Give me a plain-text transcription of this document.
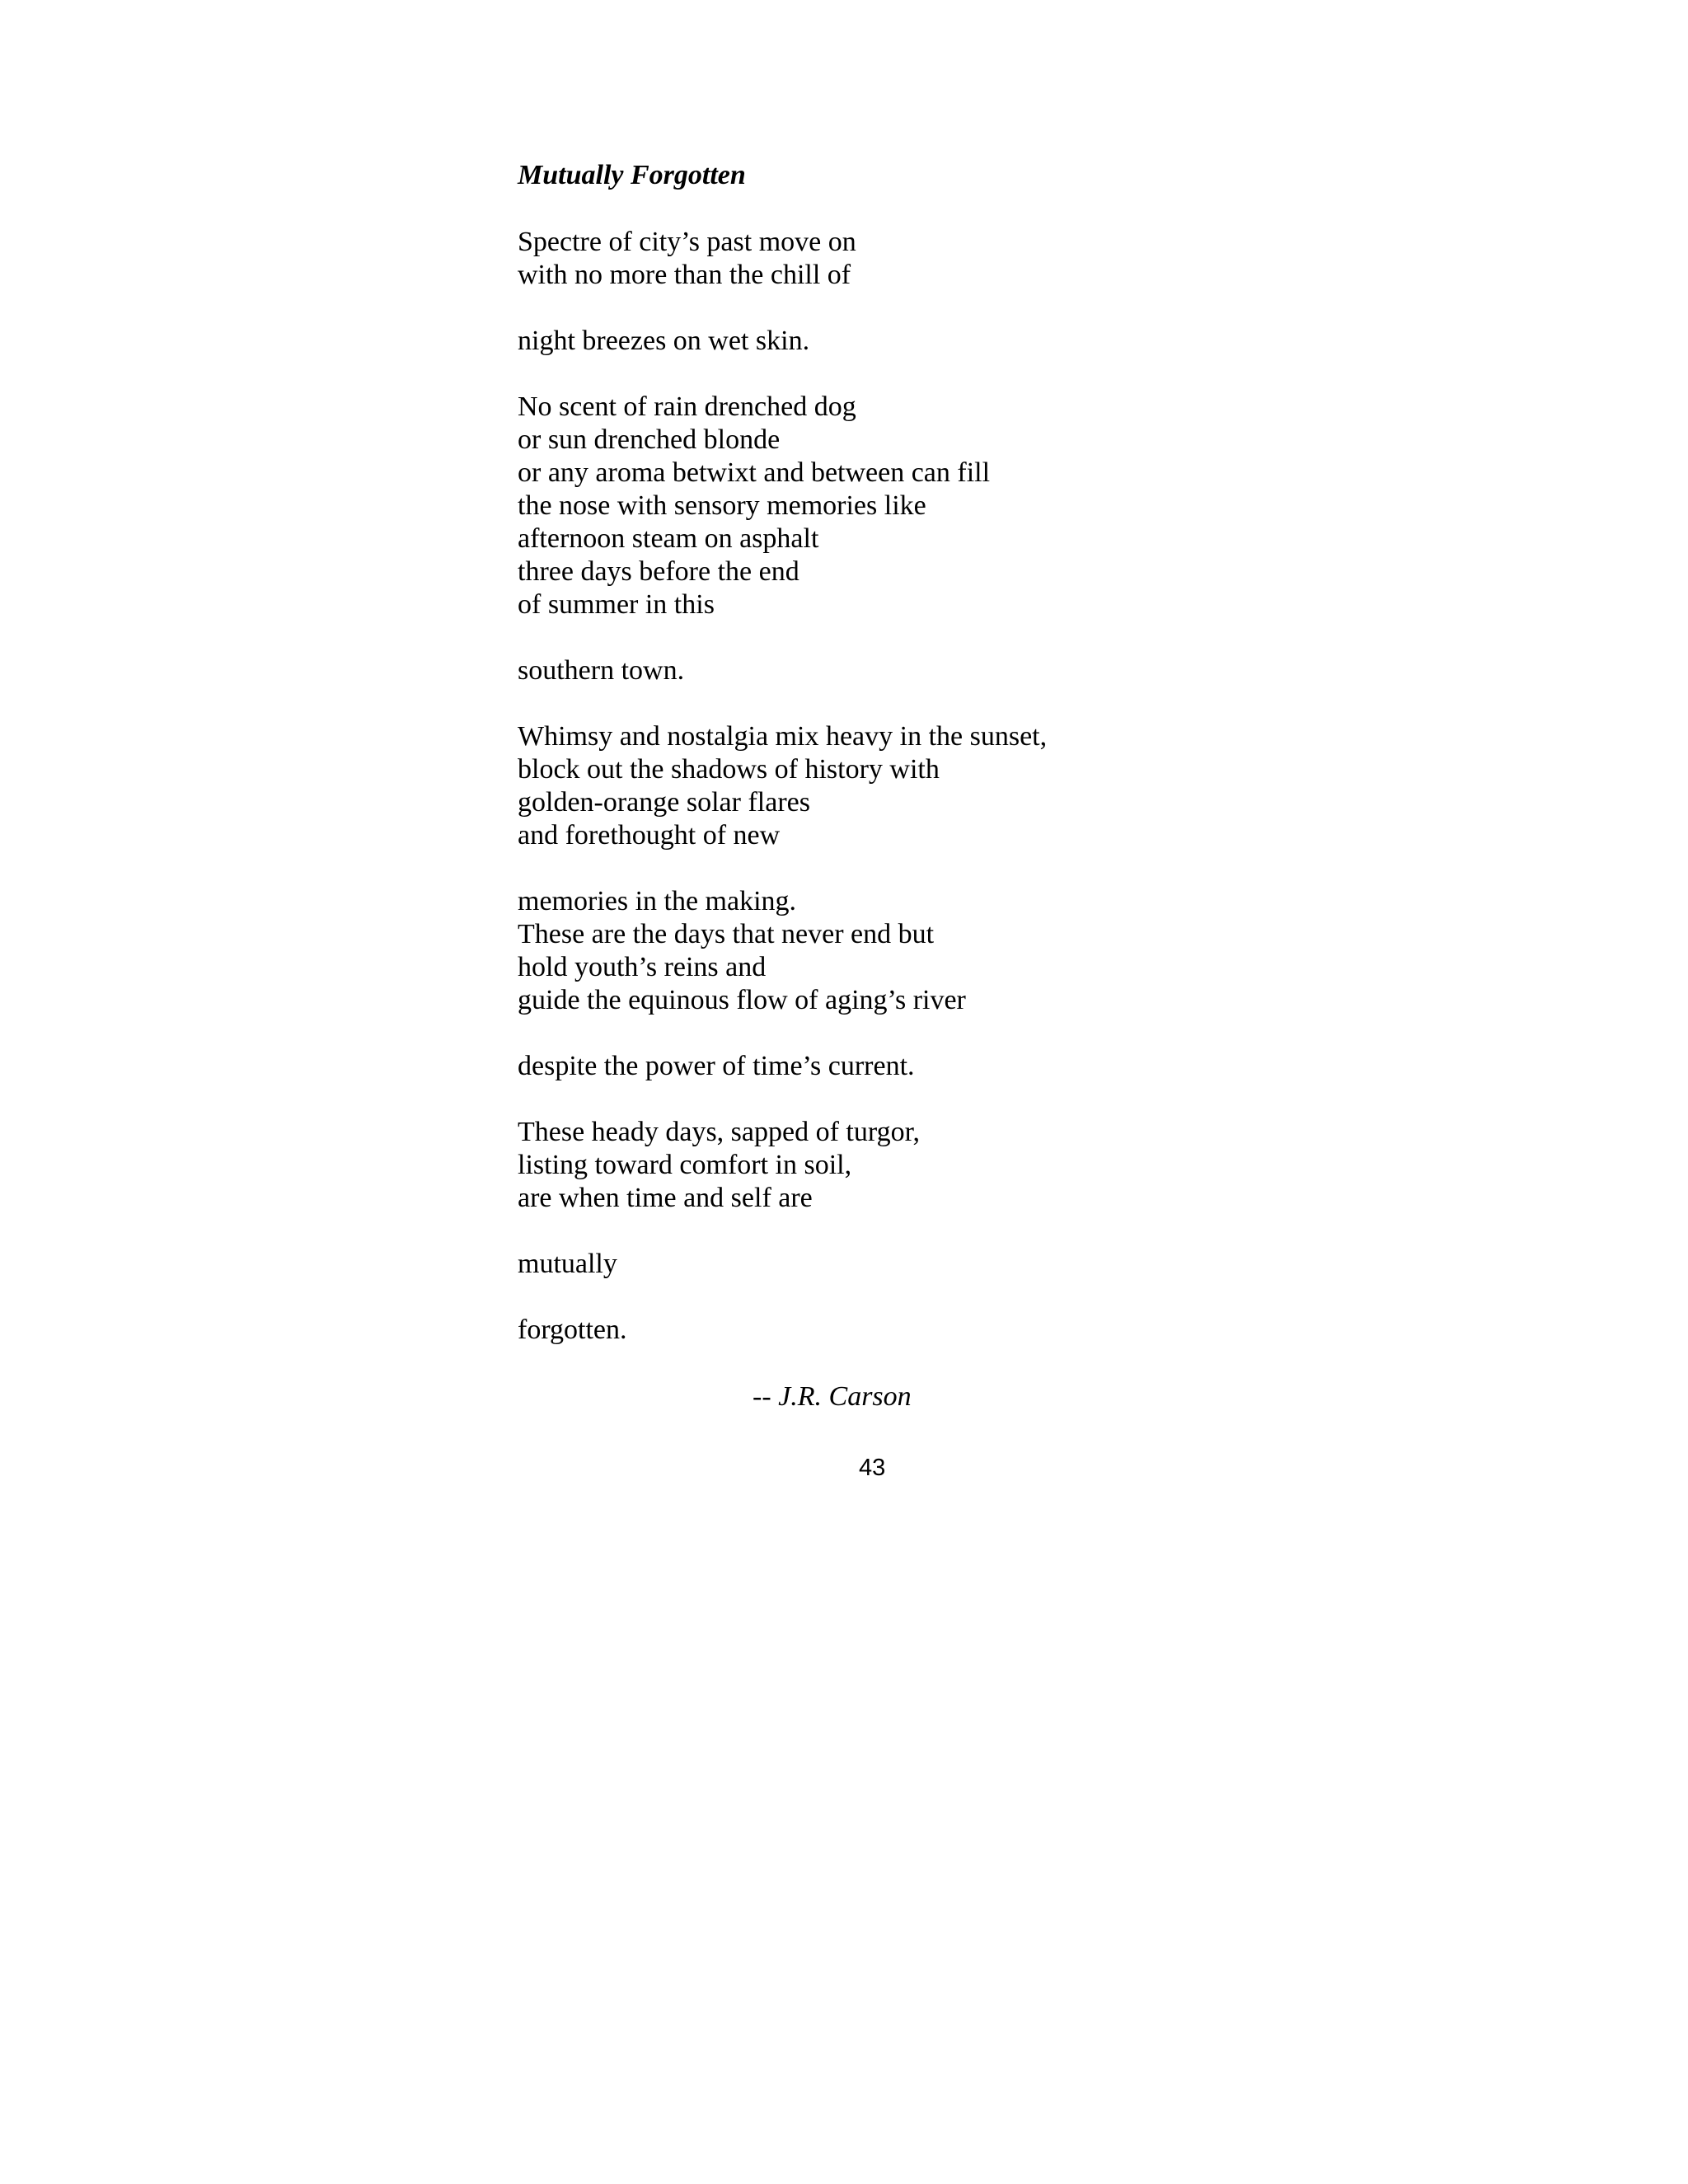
Mutually Forgotten
Spectre of city’s past move on
with no more than the chill of
night breezes on wet skin.
No scent of rain drenched dog
or sun drenched blonde
or any aroma betwixt and between can fill
the nose with sensory memories like
afternoon steam on asphalt
three days before the end
of summer in this
southern town.
Whimsy and nostalgia mix heavy in the sunset,
block out the shadows of history with
golden-orange solar flares
and forethought of new
memories in the making.
These are the days that never end but
hold youth’s reins and
guide the equinous flow of aging’s river
despite the power of time’s current.
These heady days, sapped of turgor,
listing toward comfort in soil,
are when time and self are
mutually
forgotten.
-- J.R. Carson
43
